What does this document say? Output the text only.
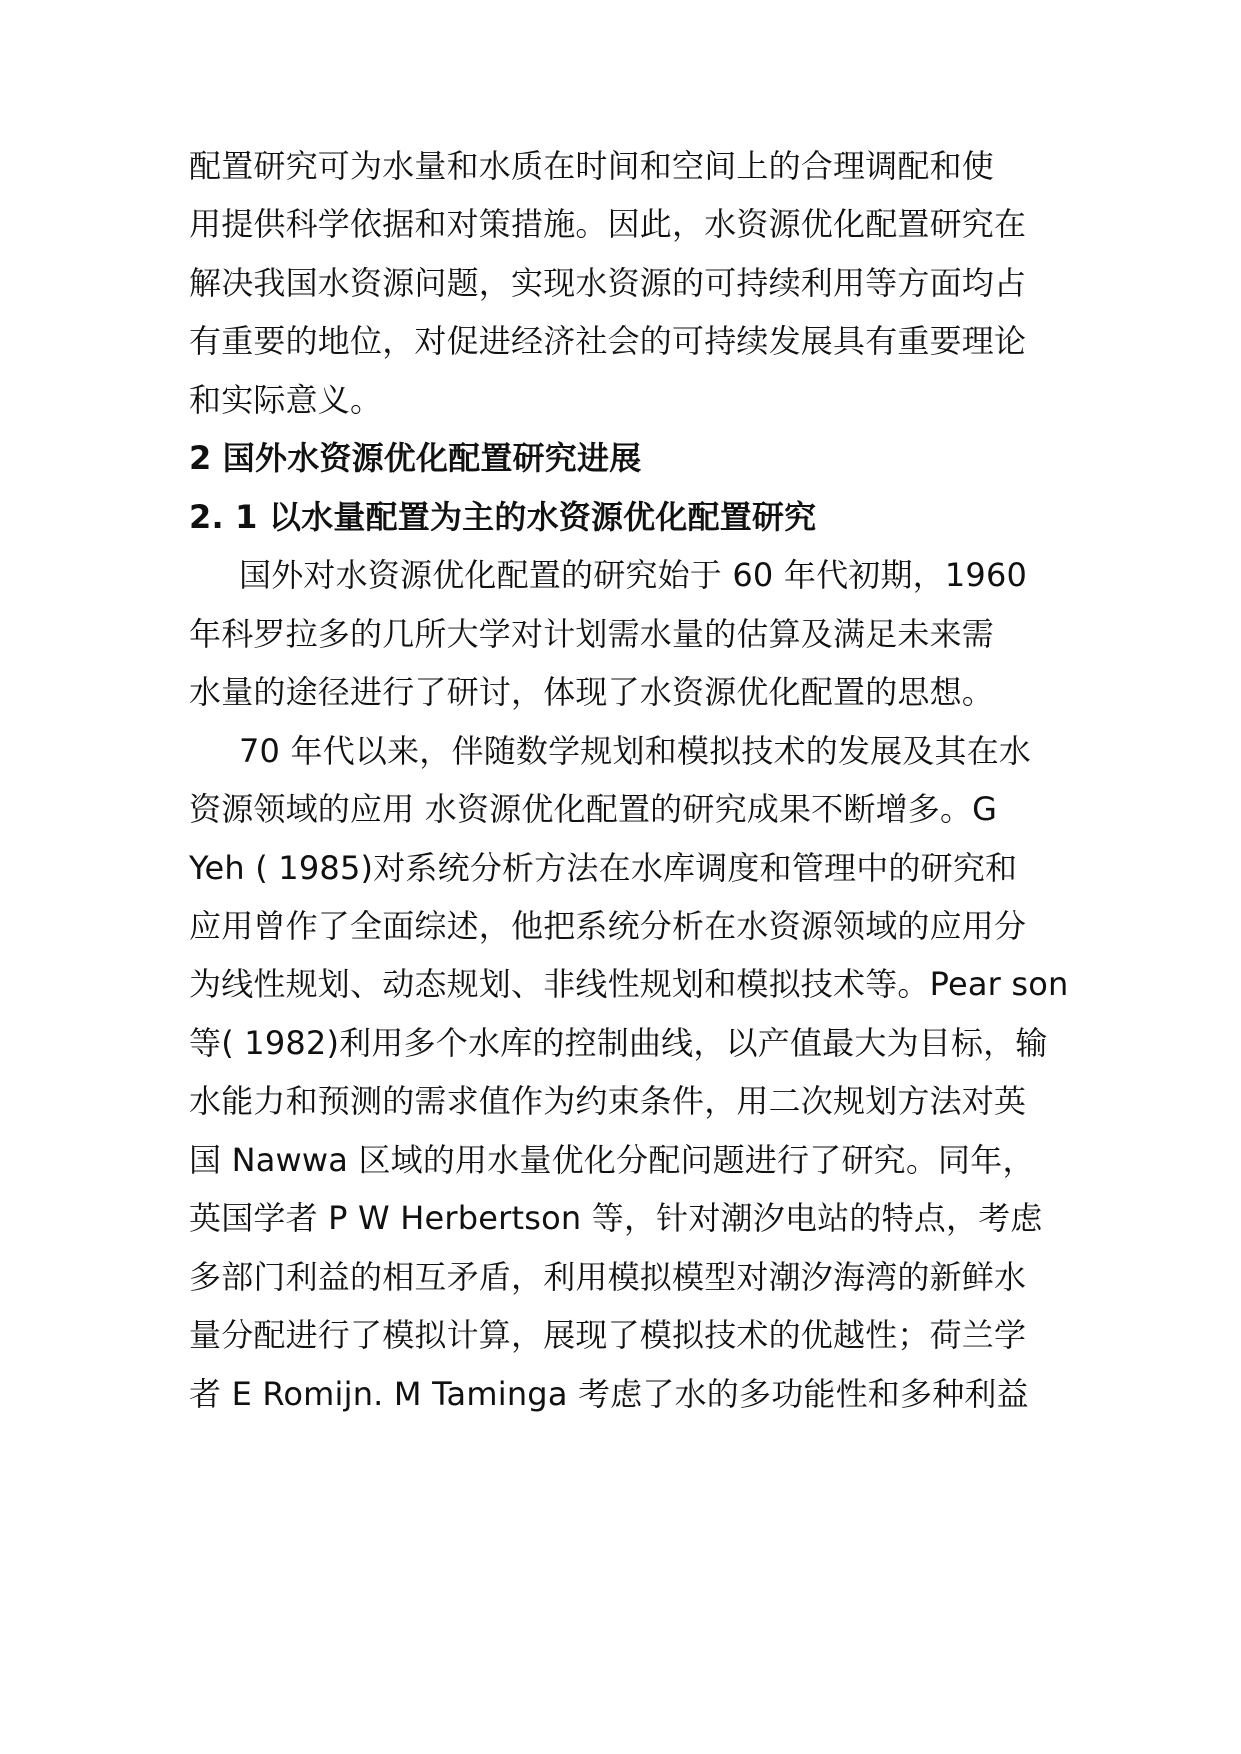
配置研究可为水量和水质在时间和空间上的合理调配和使
用提供科学依据和对策措施。因此，水资源优化配置研究在
解决我国水资源问题，实现水资源的可持续利用等方面均占
有重要的地位，对促进经济社会的可持续发展具有重要理论
和实际意义。
2 国外水资源优化配置研究进展
2. 1 以水量配置为主的水资源优化配置研究
国外对水资源优化配置的研究始于 60 年代初期，1960
年科罗拉多的几所大学对计划需水量的估算及满足未来需
水量的途径进行了研讨，体现了水资源优化配置的思想。
70 年代以来，伴随数学规划和模拟技术的发展及其在水
资源领域的应用 水资源优化配置的研究成果不断增多。G
Yeh ( 1985)对系统分析方法在水库调度和管理中的研究和
应用曾作了全面综述，他把系统分析在水资源领域的应用分
为线性规划、动态规划、非线性规划和模拟技术等。Pear son
等( 1982)利用多个水库的控制曲线，以产值最大为目标，输
水能力和预测的需求值作为约束条件，用二次规划方法对英
国 Nawwa 区域的用水量优化分配问题进行了研究。同年，
英国学者 P W Herbertson 等，针对潮汐电站的特点，考虑
多部门利益的相互矛盾，利用模拟模型对潮汐海湾的新鲜水
量分配进行了模拟计算，展现了模拟技术的优越性；荷兰学
者 E Romijn. M Taminga 考虑了水的多功能性和多种利益
